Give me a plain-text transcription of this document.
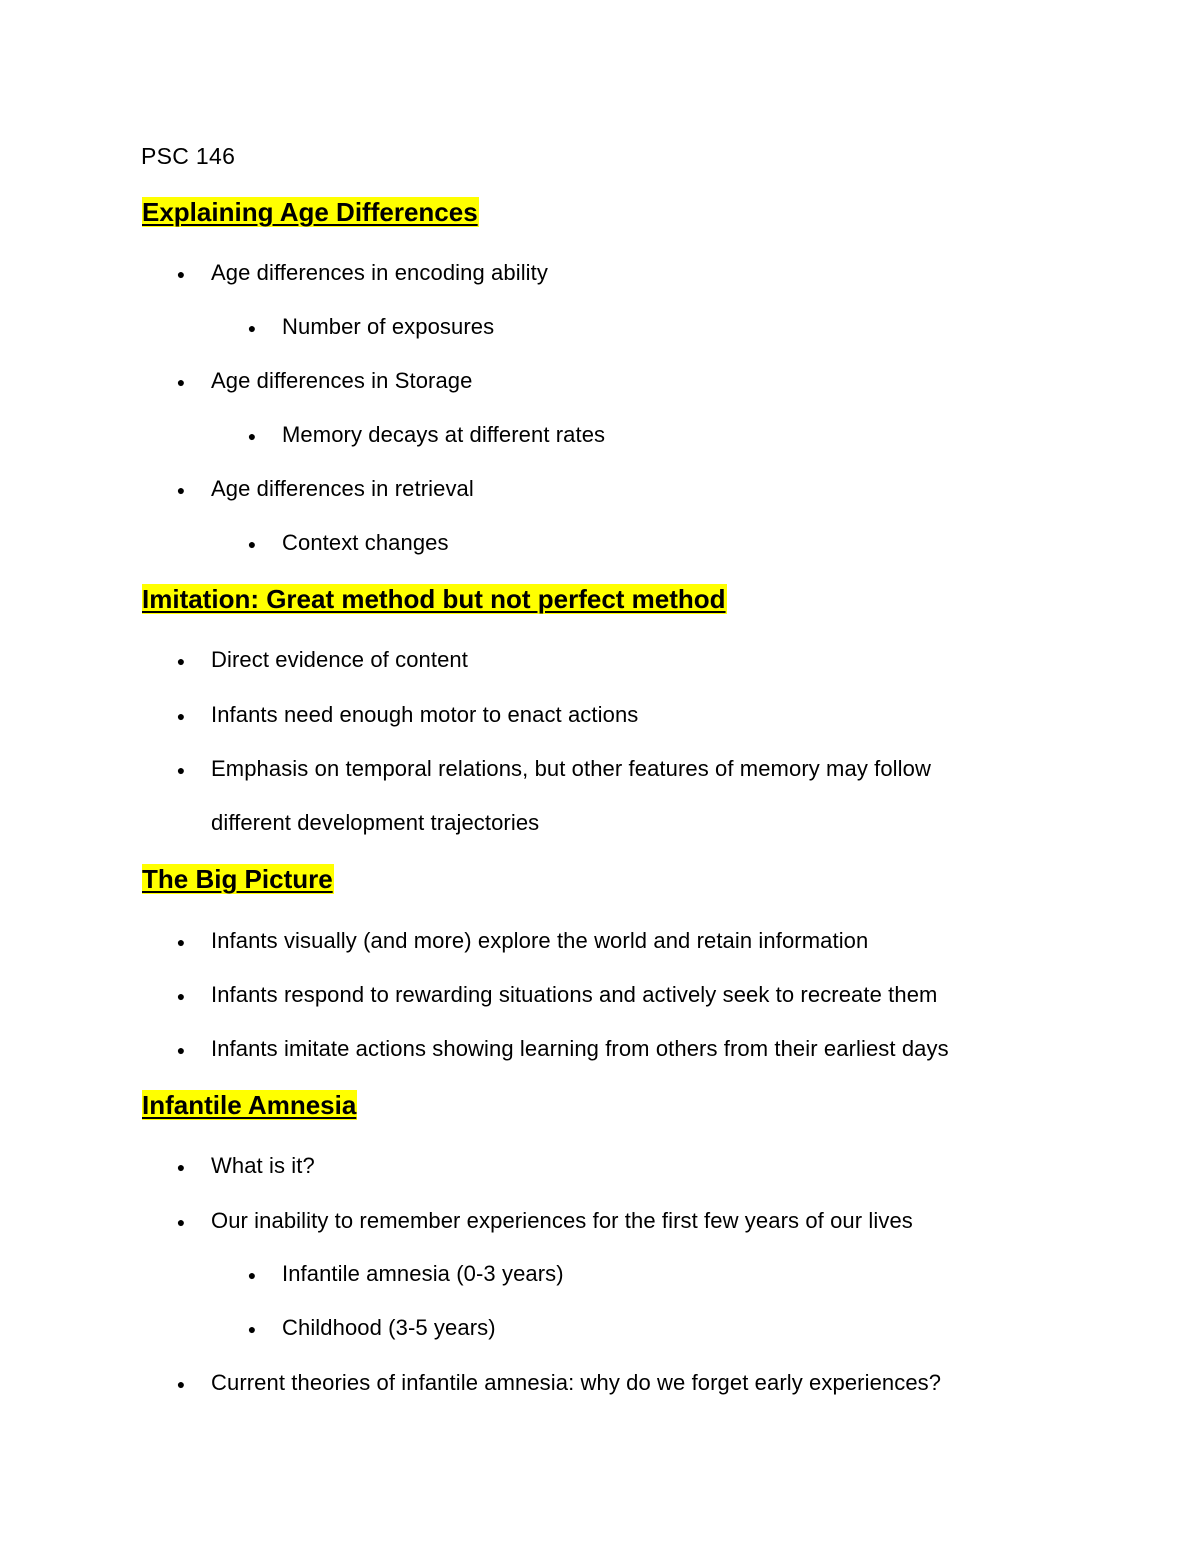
PSC 146
Explaining Age Differences
● Age differences in encoding ability
● Number of exposures
● Age differences in Storage
● Memory decays at different rates
● Age differences in retrieval
● Context changes
Imitation: Great method but not perfect method
● Direct evidence of content
● Infants need enough motor to enact actions
● Emphasis on temporal relations, but other features of memory may follow
different development trajectories
The Big Picture
● Infants visually (and more) explore the world and retain information
● Infants respond to rewarding situations and actively seek to recreate them
● Infants imitate actions showing learning from others from their earliest days
Infantile Amnesia
● What is it?
● Our inability to remember experiences for the first few years of our lives
● Infantile amnesia (0-3 years)
● Childhood (3-5 years)
● Current theories of infantile amnesia: why do we forget early experiences?
